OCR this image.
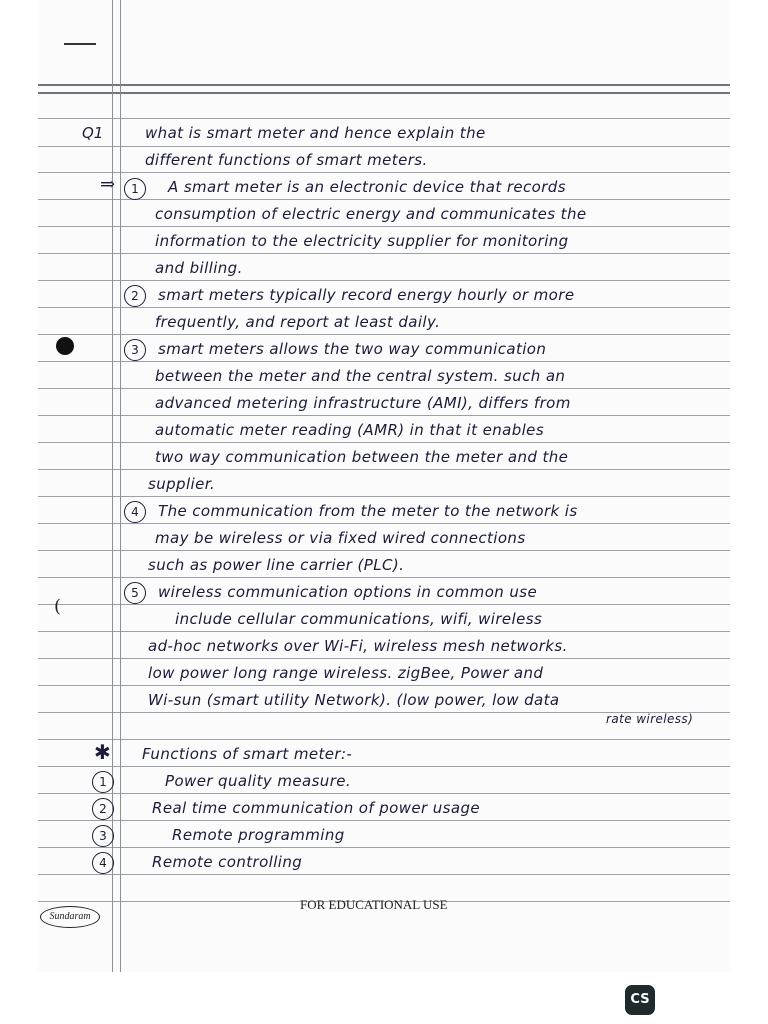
(
Q1	what is smart meter and hence explain the
different functions of smart meters.
⇒	1	A smart meter is an electronic device that records
consumption of electric energy and communicates the
information to the electricity supplier for monitoring
and billing.
2	smart meters typically record energy hourly or more
frequently, and report at least daily.
3	smart meters allows the two way communication
between the meter and the central system. such an
advanced metering infrastructure (AMI), differs from
automatic meter reading (AMR) in that it enables
two way communication between the meter and the
supplier.
4	The communication from the meter to the network is
may be wireless or via fixed wired connections
such as power line carrier (PLC).
5	wireless communication options in common use
include cellular communications, wifi, wireless
ad-hoc networks over Wi-Fi, wireless mesh networks.
low power long range wireless. zigBee, Power and
Wi-sun (smart utility Network). (low power, low data
rate wireless)
✱ Functions of smart meter:-
1	Power quality measure.
2	Real time communication of power usage
3	Remote programming
4	Remote controlling
Sundaram
FOR EDUCATIONAL USE
CS
